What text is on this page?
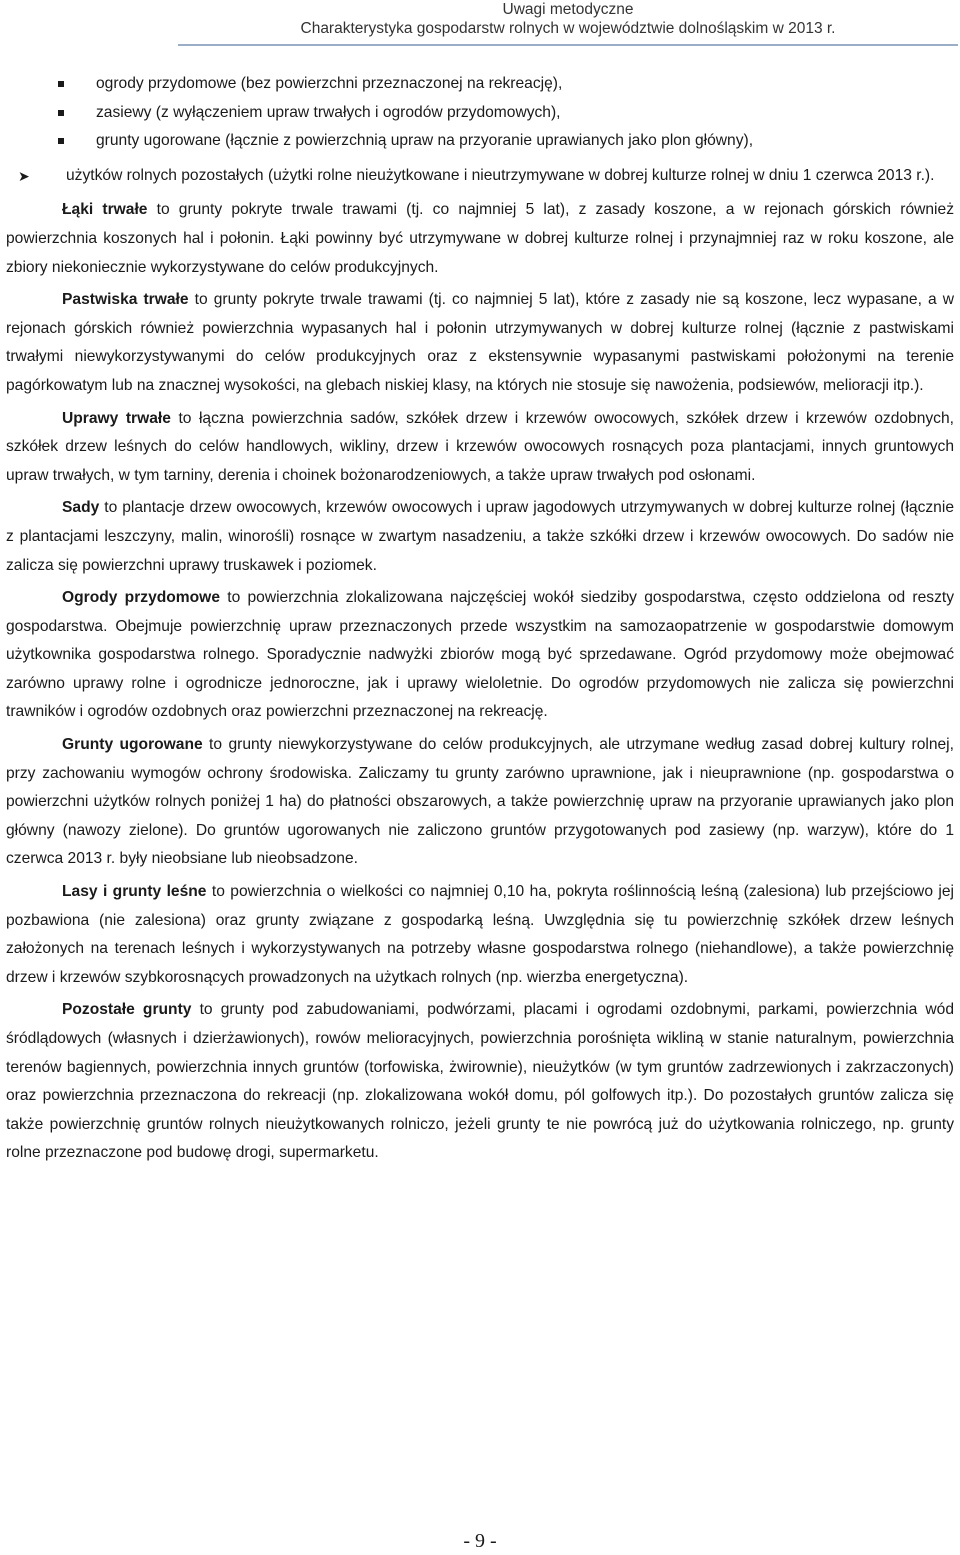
Uwagi metodyczne
Charakterystyka gospodarstw rolnych w województwie dolnośląskim w 2013 r.
ogrody przydomowe (bez powierzchni przeznaczonej na rekreację),
zasiewy (z wyłączeniem upraw trwałych i ogrodów przydomowych),
grunty ugorowane (łącznie z powierzchnią upraw na przyoranie uprawianych jako plon główny),
➤ użytków rolnych pozostałych (użytki rolne nieużytkowane i nieutrzymywane w dobrej kulturze rolnej w dniu 1 czerwca 2013 r.).

Łąki trwałe to grunty pokryte trwale trawami (tj. co najmniej 5 lat), z zasady koszone, a w rejonach górskich również powierzchnia koszonych hal i połonin. Łąki powinny być utrzymywane w dobrej kulturze rolnej i przynajmniej raz w roku koszone, ale zbiory niekoniecznie wykorzystywane do celów produkcyjnych.

Pastwiska trwałe to grunty pokryte trwale trawami (tj. co najmniej 5 lat), które z zasady nie są koszone, lecz wypasane, a w rejonach górskich również powierzchnia wypasanych hal i połonin utrzymywanych w dobrej kulturze rolnej (łącznie z pastwiskami trwałymi niewykorzystywanymi do celów produkcyjnych oraz z ekstensywnie wypasanymi pastwiskami położonymi na terenie pagórkowatym lub na znacznej wysokości, na glebach niskiej klasy, na których nie stosuje się nawożenia, podsiewów, melioracji itp.).

Uprawy trwałe to łączna powierzchnia sadów, szkółek drzew i krzewów owocowych, szkółek drzew i krzewów ozdobnych, szkółek drzew leśnych do celów handlowych, wikliny, drzew i krzewów owocowych rosnących poza plantacjami, innych gruntowych upraw trwałych, w tym tarniny, derenia i choinek bożonarodzeniowych, a także upraw trwałych pod osłonami.

Sady to plantacje drzew owocowych, krzewów owocowych i upraw jagodowych utrzymywanych w dobrej kulturze rolnej (łącznie z plantacjami leszczyny, malin, winorośli) rosnące w zwartym nasadzeniu, a także szkółki drzew i krzewów owocowych. Do sadów nie zalicza się powierzchni uprawy truskawek i poziomek.

Ogrody przydomowe to powierzchnia zlokalizowana najczęściej wokół siedziby gospodarstwa, często oddzielona od reszty gospodarstwa. Obejmuje powierzchnię upraw przeznaczonych przede wszystkim na samozaopatrzenie w gospodarstwie domowym użytkownika gospodarstwa rolnego. Sporadycznie nadwyżki zbiorów mogą być sprzedawane. Ogród przydomowy może obejmować zarówno uprawy rolne i ogrodnicze jednoroczne, jak i uprawy wieloletnie. Do ogrodów przydomowych nie zalicza się powierzchni trawników i ogrodów ozdobnych oraz powierzchni przeznaczonej na rekreację.

Grunty ugorowane to grunty niewykorzystywane do celów produkcyjnych, ale utrzymane według zasad dobrej kultury rolnej, przy zachowaniu wymogów ochrony środowiska. Zaliczamy tu grunty zarówno uprawnione, jak i nieuprawnione (np. gospodarstwa o powierzchni użytków rolnych poniżej 1 ha) do płatności obszarowych, a także powierzchnię upraw na przyoranie uprawianych jako plon główny (nawozy zielone). Do gruntów ugorowanych nie zaliczono gruntów przygotowanych pod zasiewy (np. warzyw), które do 1 czerwca 2013 r. były nieobsiane lub nieobsadzone.

Lasy i grunty leśne to powierzchnia o wielkości co najmniej 0,10 ha, pokryta roślinnością leśną (zalesiona) lub przejściowo jej pozbawiona (nie zalesiona) oraz grunty związane z gospodarką leśną. Uwzględnia się tu powierzchnię szkółek drzew leśnych założonych na terenach leśnych i wykorzystywanych na potrzeby własne gospodarstwa rolnego (niehandlowe), a także powierzchnię drzew i krzewów szybkorosnących prowadzonych na użytkach rolnych (np. wierzba energetyczna).

Pozostałe grunty to grunty pod zabudowaniami, podwórzami, placami i ogrodami ozdobnymi, parkami, powierzchnia wód śródlądowych (własnych i dzierżawionych), rowów melioracyjnych, powierzchnia porośnięta wikliną w stanie naturalnym, powierzchnia terenów bagiennych, powierzchnia innych gruntów (torfowiska, żwirownie), nieużytków (w tym gruntów zadrzewionych i zakrzaczonych) oraz powierzchnia przeznaczona do rekreacji (np. zlokalizowana wokół domu, pól golfowych itp.). Do pozostałych gruntów zalicza się także powierzchnię gruntów rolnych nieużytkowanych rolniczo, jeżeli grunty te nie powrócą już do użytkowania rolniczego, np. grunty rolne przeznaczone pod budowę drogi, supermarketu.

- 9 -
